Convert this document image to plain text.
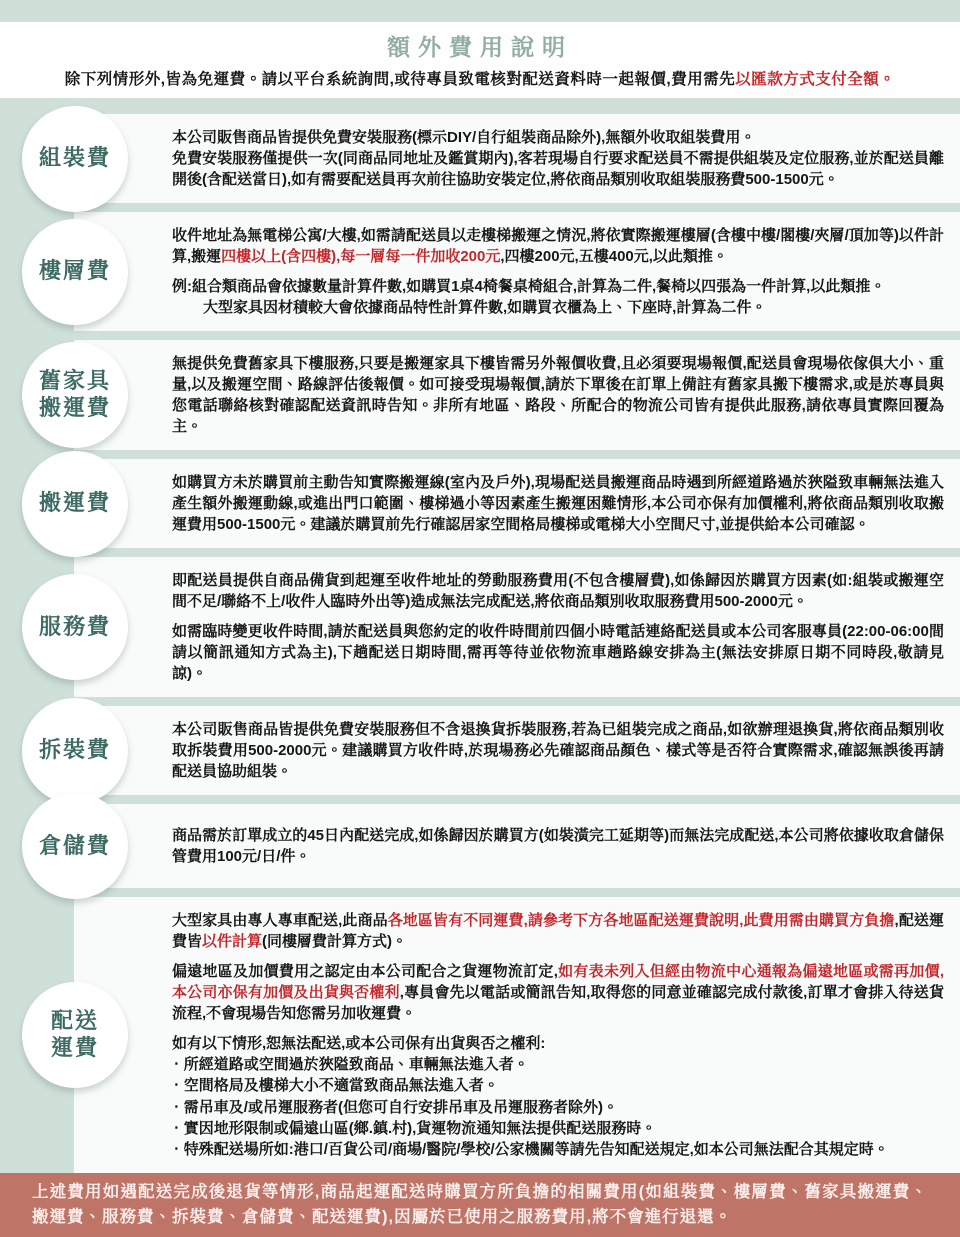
額外費用說明
除下列情形外,皆為免運費。請以平台系統詢問,或待專員致電核對配送資料時一起報價,費用需先以匯款方式支付全額。
組裝費
本公司販售商品皆提供免費安裝服務(標示DIY/自行組裝商品除外),無額外收取組裝費用。
免費安裝服務僅提供一次(同商品同地址及鑑賞期內),客若現場自行要求配送員不需提供組裝及定位服務,並於配送員離開後(含配送當日),如有需要配送員再次前往協助安裝定位,將依商品類別收取組裝服務費500-1500元。
樓層費
收件地址為無電梯公寓/大樓,如需請配送員以走樓梯搬運之情況,將依實際搬運樓層(含樓中樓/閣樓/夾層/頂加等)以件計算,搬運四樓以上(含四樓),每一層每一件加收200元,四樓200元,五樓400元,以此類推。
例:組合類商品會依據數量計算件數,如購買1桌4椅餐桌椅組合,計算為二件,餐椅以四張為一件計算,以此類推。
大型家具因材積較大會依據商品特性計算件數,如購買衣櫃為上、下座時,計算為二件。
舊家具
搬運費
無提供免費舊家具下樓服務,只要是搬運家具下樓皆需另外報價收費,且必須要現場報價,配送員會現場依傢俱大小、重量,以及搬運空間、路線評估後報價。如可接受現場報價,請於下單後在訂單上備註有舊家具搬下樓需求,或是於專員與您電話聯絡核對確認配送資訊時告知。非所有地區、路段、所配合的物流公司皆有提供此服務,請依專員實際回覆為主。
搬運費
如購買方未於購買前主動告知實際搬運線(室內及戶外),現場配送員搬運商品時遇到所經道路過於狹隘致車輛無法進入產生額外搬運動線,或進出門口範圍、樓梯過小等因素產生搬運困難情形,本公司亦保有加價權利,將依商品類別收取搬運費用500-1500元。建議於購買前先行確認居家空間格局樓梯或電梯大小空間尺寸,並提供給本公司確認。
服務費
即配送員提供自商品備貨到起運至收件地址的勞動服務費用(不包含樓層費),如係歸因於購買方因素(如:組裝或搬運空間不足/聯絡不上/收件人臨時外出等)造成無法完成配送,將依商品類別收取服務費用500-2000元。
如需臨時變更收件時間,請於配送員與您約定的收件時間前四個小時電話連絡配送員或本公司客服專員(22:00-06:00間請以簡訊通知方式為主),下趟配送日期時間,需再等待並依物流車趟路線安排為主(無法安排原日期不同時段,敬請見諒)。
拆裝費
本公司販售商品皆提供免費安裝服務但不含退換貨拆裝服務,若為已組裝完成之商品,如欲辦理退換貨,將依商品類別收取拆裝費用500-2000元。建議購買方收件時,於現場務必先確認商品顏色、樣式等是否符合實際需求,確認無誤後再請配送員協助組裝。
倉儲費	商品需於訂單成立的45日內配送完成,如係歸因於購買方(如裝潢完工延期等)而無法完成配送,本公司將依據收取倉儲保管費用100元/日/件。
配送
運費
大型家具由專人專車配送,此商品各地區皆有不同運費,請參考下方各地區配送運費說明,此費用需由購買方負擔,配送運費皆以件計算(同樓層費計算方式)。
偏遠地區及加價費用之認定由本公司配合之貨運物流訂定,如有表未列入但經由物流中心通報為偏遠地區或需再加價,本公司亦保有加價及出貨與否權利,專員會先以電話或簡訊告知,取得您的同意並確認完成付款後,訂單才會排入待送貨流程,不會現場告知您需另加收運費。
如有以下情形,恕無法配送,或本公司保有出貨與否之權利:
‧ 所經道路或空間過於狹隘致商品、車輛無法進入者。
‧ 空間格局及樓梯大小不適當致商品無法進入者。
‧ 需吊車及/或吊運服務者(但您可自行安排吊車及吊運服務者除外)。
‧ 實因地形限制或偏遠山區(鄉.鎮.村),貨運物流通知無法提供配送服務時。
‧ 特殊配送場所如:港口/百貨公司/商場/醫院/學校/公家機關等請先告知配送規定,如本公司無法配合其規定時。
上述費用如遇配送完成後退貨等情形,商品起運配送時購買方所負擔的相關費用(如組裝費、樓層費、舊家具搬運費、搬運費、服務費、拆裝費、倉儲費、配送運費),因屬於已使用之服務費用,將不會進行退還。
